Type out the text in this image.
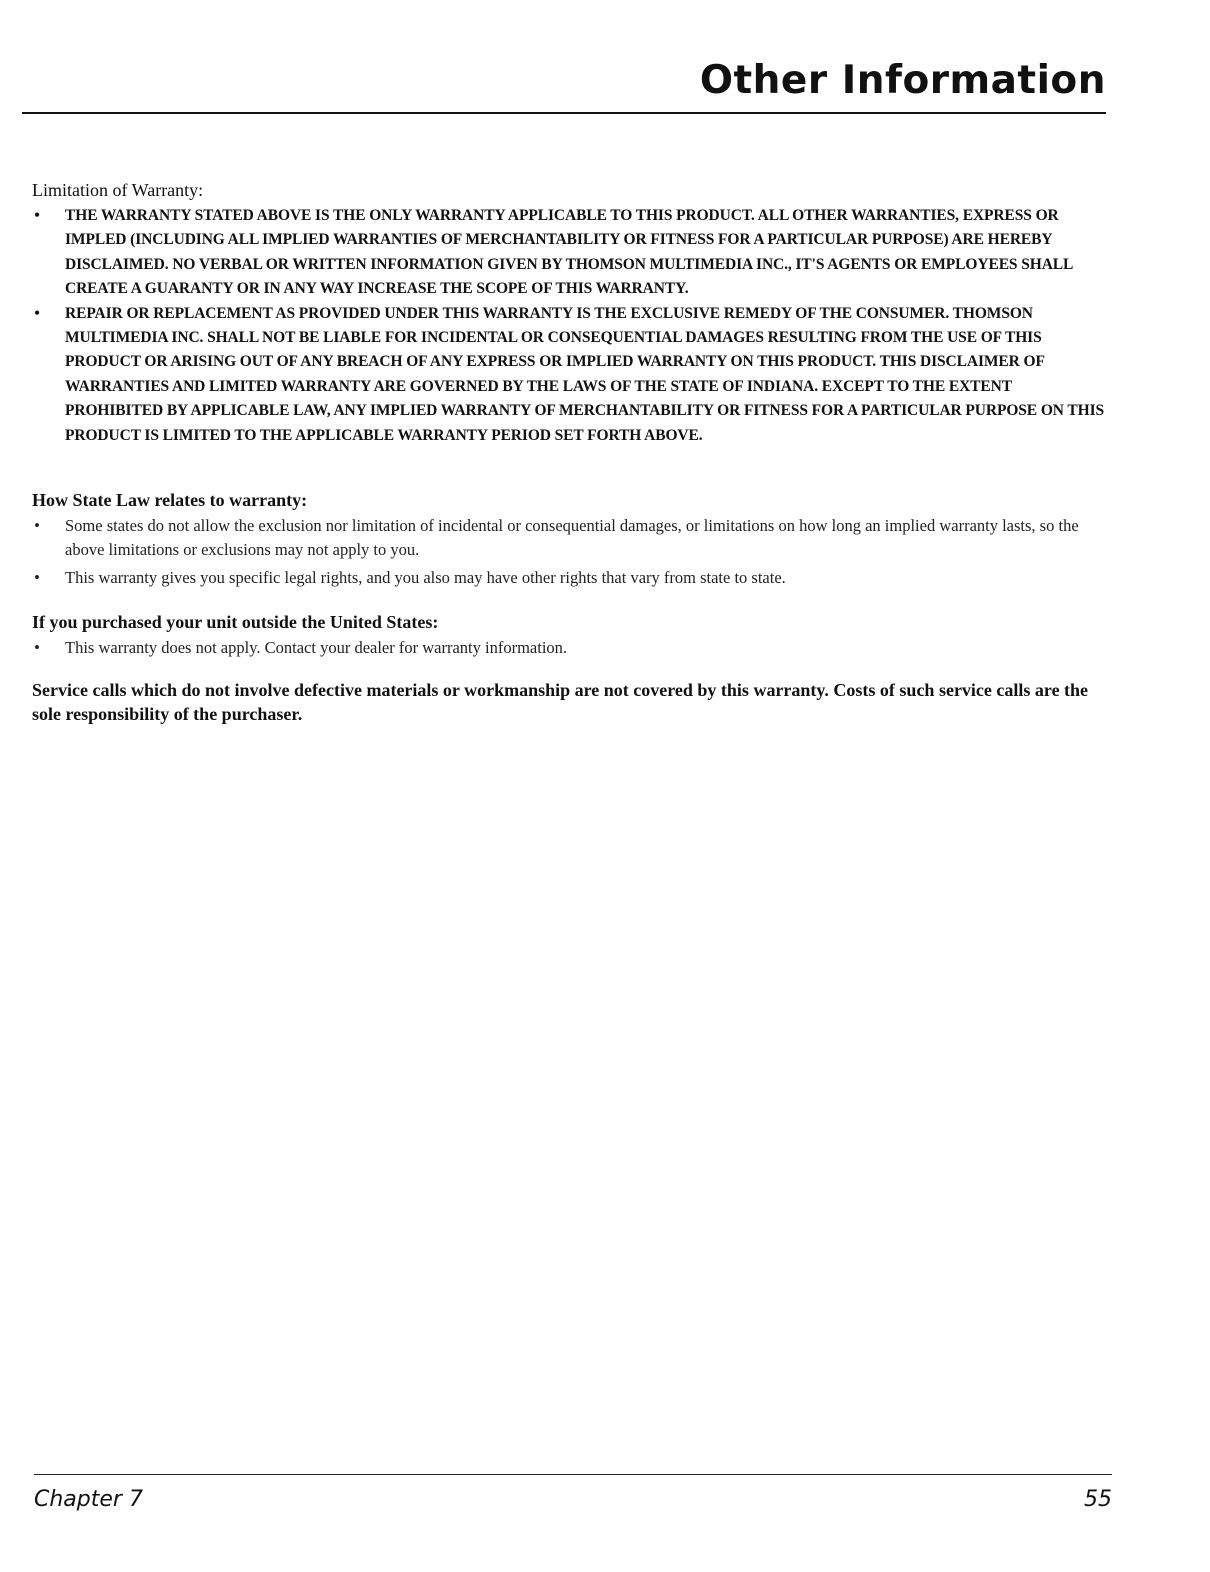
Other Information
Limitation of Warranty:
• THE WARRANTY STATED ABOVE IS THE ONLY WARRANTY APPLICABLE TO THIS PRODUCT. ALL OTHER WARRANTIES, EXPRESS OR IMPLED (INCLUDING ALL IMPLIED WARRANTIES OF MERCHANTABILITY OR FITNESS FOR A PARTICULAR PURPOSE) ARE HEREBY DISCLAIMED. NO VERBAL OR WRITTEN INFORMATION GIVEN BY THOMSON MULTIMEDIA INC., IT'S AGENTS OR EMPLOYEES SHALL CREATE A GUARANTY OR IN ANY WAY INCREASE THE SCOPE OF THIS WARRANTY.
• REPAIR OR REPLACEMENT AS PROVIDED UNDER THIS WARRANTY IS THE EXCLUSIVE REMEDY OF THE CONSUMER. THOMSON MULTIMEDIA INC. SHALL NOT BE LIABLE FOR INCIDENTAL OR CONSEQUENTIAL DAMAGES RESULTING FROM THE USE OF THIS PRODUCT OR ARISING OUT OF ANY BREACH OF ANY EXPRESS OR IMPLIED WARRANTY ON THIS PRODUCT. THIS DISCLAIMER OF WARRANTIES AND LIMITED WARRANTY ARE GOVERNED BY THE LAWS OF THE STATE OF INDIANA. EXCEPT TO THE EXTENT PROHIBITED BY APPLICABLE LAW, ANY IMPLIED WARRANTY OF MERCHANTABILITY OR FITNESS FOR A PARTICULAR PURPOSE ON THIS PRODUCT IS LIMITED TO THE APPLICABLE WARRANTY PERIOD SET FORTH ABOVE.
How State Law relates to warranty:
• Some states do not allow the exclusion nor limitation of incidental or consequential damages, or limitations on how long an implied warranty lasts, so the above limitations or exclusions may not apply to you.
• This warranty gives you specific legal rights, and you also may have other rights that vary from state to state.
If you purchased your unit outside the United States:
• This warranty does not apply. Contact your dealer for warranty information.

Service calls which do not involve defective materials or workmanship are not covered by this warranty. Costs of such service calls are the sole responsibility of the purchaser.

Chapter 7	55
